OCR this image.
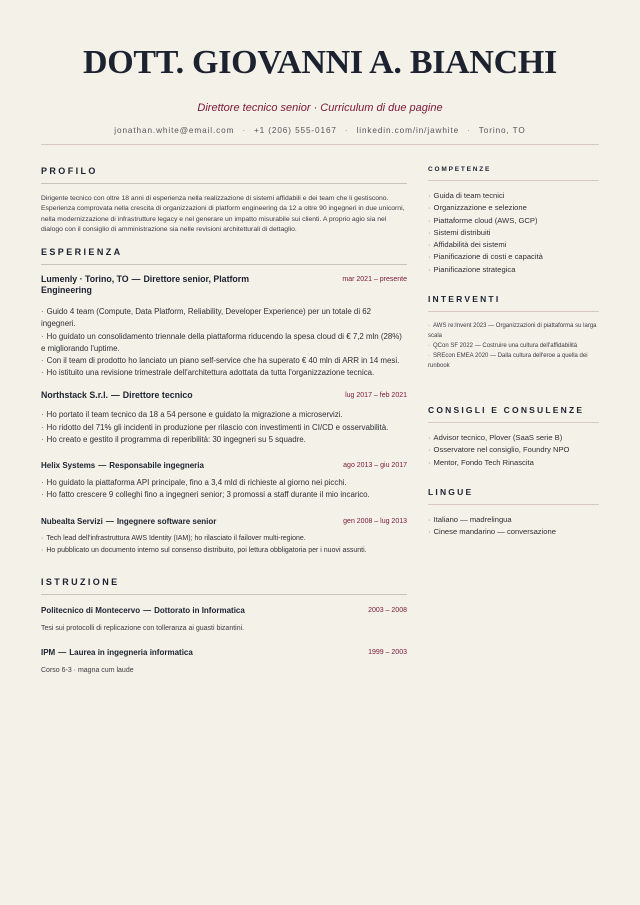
DOTT. GIOVANNI A. BIANCHI
Direttore tecnico senior · Curriculum di due pagine
jonathan.white@email.com · +1 (206) 555-0167 · linkedin.com/in/jawhite · Torino, TO
PROFILO

Dirigente tecnico con oltre 18 anni di esperienza nella realizzazione di sistemi affidabili e dei team che li gestiscono. Esperienza comprovata nella crescita di organizzazioni di platform engineering da 12 a oltre 90 ingegneri in due unicorni, nella modernizzazione di infrastrutture legacy e nel generare un impatto misurabile sui clienti. A proprio agio sia nel dialogo con il consiglio di amministrazione sia nelle revisioni architetturali di dettaglio.

ESPERIENZA
Lumenly · Torino, TO — Direttore senior, Platform Engineering
mar 2021 – presente
· Guido 4 team (Compute, Data Platform, Reliability, Developer Experience) per un totale di 62 ingegneri.
· Ho guidato un consolidamento triennale della piattaforma riducendo la spesa cloud di € 7,2 mln (28%) e migliorando l'uptime.
· Con il team di prodotto ho lanciato un piano self-service che ha superato € 40 mln di ARR in 14 mesi.
· Ho istituito una revisione trimestrale dell'architettura adottata da tutta l'organizzazione tecnica.
Northstack S.r.l. — Direttore tecnico	lug 2017 – feb 2021
· Ho portato il team tecnico da 18 a 54 persone e guidato la migrazione a microservizi.
· Ho ridotto del 71% gli incidenti in produzione per rilascio con investimenti in CI/CD e osservabilità.
· Ho creato e gestito il programma di reperibilità: 30 ingegneri su 5 squadre.
Helix Systems — Responsabile ingegneria	ago 2013 – giu 2017
· Ho guidato la piattaforma API principale, fino a 3,4 mld di richieste al giorno nei picchi.
· Ho fatto crescere 9 colleghi fino a ingegneri senior; 3 promossi a staff durante il mio incarico.
Nubealta Servizi — Ingegnere software senior	gen 2008 – lug 2013
· Tech lead dell'infrastruttura AWS Identity (IAM); ho rilasciato il failover multi-regione.
· Ho pubblicato un documento interno sul consenso distribuito, poi lettura obbligatoria per i nuovi assunti.
ISTRUZIONE
Politecnico di Montecervo — Dottorato in Informatica	2003 – 2008
Tesi sui protocolli di replicazione con tolleranza ai guasti bizantini.
IPM — Laurea in ingegneria informatica	1999 – 2003
Corso 6-3 · magna cum laude
COMPETENZE
· Guida di team tecnici
· Organizzazione e selezione
· Piattaforme cloud (AWS, GCP)
· Sistemi distribuiti
· Affidabilità dei sistemi
· Pianificazione di costi e capacità
· Pianificazione strategica
INTERVENTI
· AWS re:Invent 2023 — Organizzazioni di piattaforma su larga scala
· QCon SF 2022 — Costruire una cultura dell'affidabilità
· SREcon EMEA 2020 — Dalla cultura dell'eroe a quella dei runbook
CONSIGLI E CONSULENZE
· Advisor tecnico, Plover (SaaS serie B)
· Osservatore nel consiglio, Foundry NPO
· Mentor, Fondo Tech Rinascita
LINGUE
· Italiano — madrelingua
· Cinese mandarino — conversazione
